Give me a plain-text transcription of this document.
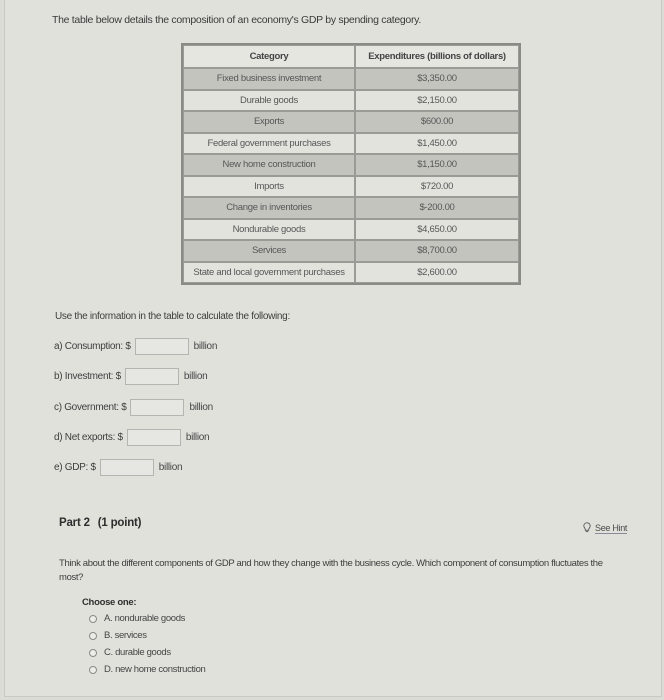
The table below details the composition of an economy's GDP by spending category.
Category	Expenditures (billions of dollars)
Fixed business investment	$3,350.00
Durable goods	$2,150.00
Exports	$600.00
Federal government purchases	$1,450.00
New home construction	$1,150.00
Imports	$720.00
Change in inventories	$-200.00
Nondurable goods	$4,650.00
Services	$8,700.00
State and local government purchases	$2,600.00
Use the information in the table to calculate the following:
a) Consumption: $	billion
b) Investment: $	billion
c) Government: $	billion
d) Net exports: $	billion
e) GDP: $	billion
Part 2 (1 point)	See Hint
Think about the different components of GDP and how they change with the business cycle. Which component of consumption fluctuates the most?
Choose one:
A. nondurable goods
B. services
C. durable goods
D. new home construction
